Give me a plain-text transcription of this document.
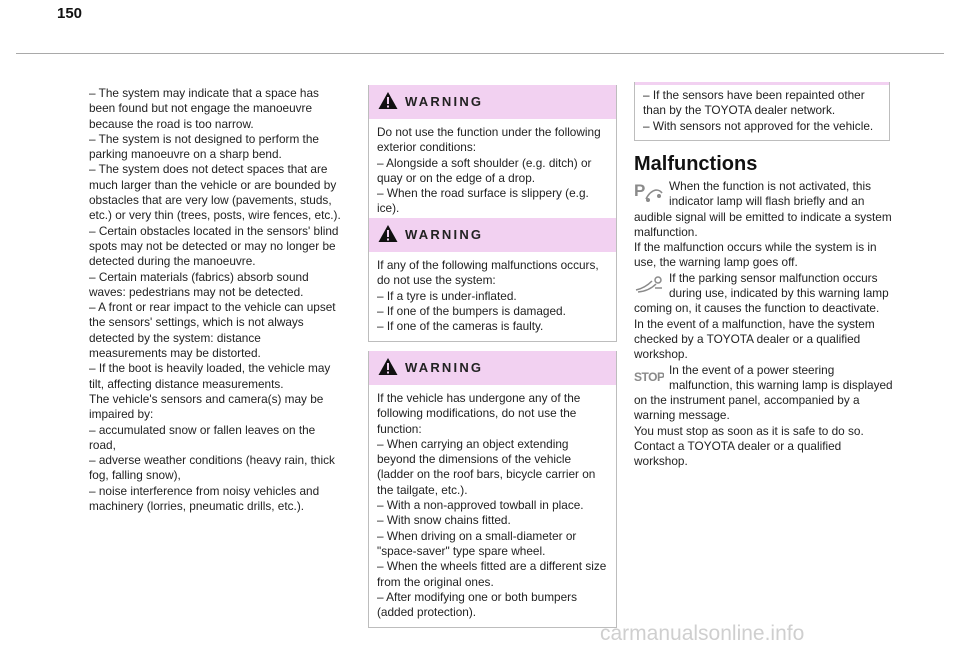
150

– The system may indicate that a space has been found but not engage the manoeuvre because the road is too narrow.

– The system is not designed to perform the parking manoeuvre on a sharp bend.

– The system does not detect spaces that are much larger than the vehicle or are bounded by obstacles that are very low (pavements, studs, etc.) or very thin (trees, posts, wire fences, etc.).

– Certain obstacles located in the sensors' blind spots may not be detected or may no longer be detected during the manoeuvre.

– Certain materials (fabrics) absorb sound waves: pedestrians may not be detected.

– A front or rear impact to the vehicle can upset the sensors' settings, which is not always detected by the system: distance measurements may be distorted.

– If the boot is heavily loaded, the vehicle may tilt, affecting distance measurements.

The vehicle's sensors and camera(s) may be impaired by:

– accumulated snow or fallen leaves on the road,

– adverse weather conditions (heavy rain, thick fog, falling snow),

– noise interference from noisy vehicles and machinery (lorries, pneumatic drills, etc.).

WARNING

Do not use the function under the following exterior conditions:

– Alongside a soft shoulder (e.g. ditch) or quay or on the edge of a drop.

– When the road surface is slippery (e.g. ice).

WARNING

If any of the following malfunctions occurs, do not use the system:

– If a tyre is under-inflated.

– If one of the bumpers is damaged.

– If one of the cameras is faulty.

WARNING

If the vehicle has undergone any of the following modifications, do not use the function:

– When carrying an object extending beyond the dimensions of the vehicle (ladder on the roof bars, bicycle carrier on the tailgate, etc.).

– With a non-approved towball in place.

– With snow chains fitted.

– When driving on a small-diameter or "space-saver" type spare wheel.

– When the wheels fitted are a different size from the original ones.

– After modifying one or both bumpers (added protection).

– If the sensors have been repainted other than by the TOYOTA dealer network.

– With sensors not approved for the vehicle.

Malfunctions
P	When the function is not activated, this indicator lamp will flash briefly and an audible signal will be emitted to indicate a system malfunction.

If the malfunction occurs while the system is in use, the warning lamp goes off.

If the parking sensor malfunction occurs during use, indicated by this warning lamp coming on, it causes the function to deactivate.

In the event of a malfunction, have the system checked by a TOYOTA dealer or a qualified workshop.

STOP In the event of a power steering malfunction, this warning lamp is displayed on the instrument panel, accompanied by a warning message.

You must stop as soon as it is safe to do so. Contact a TOYOTA dealer or a qualified workshop.

carmanualsonline.info
